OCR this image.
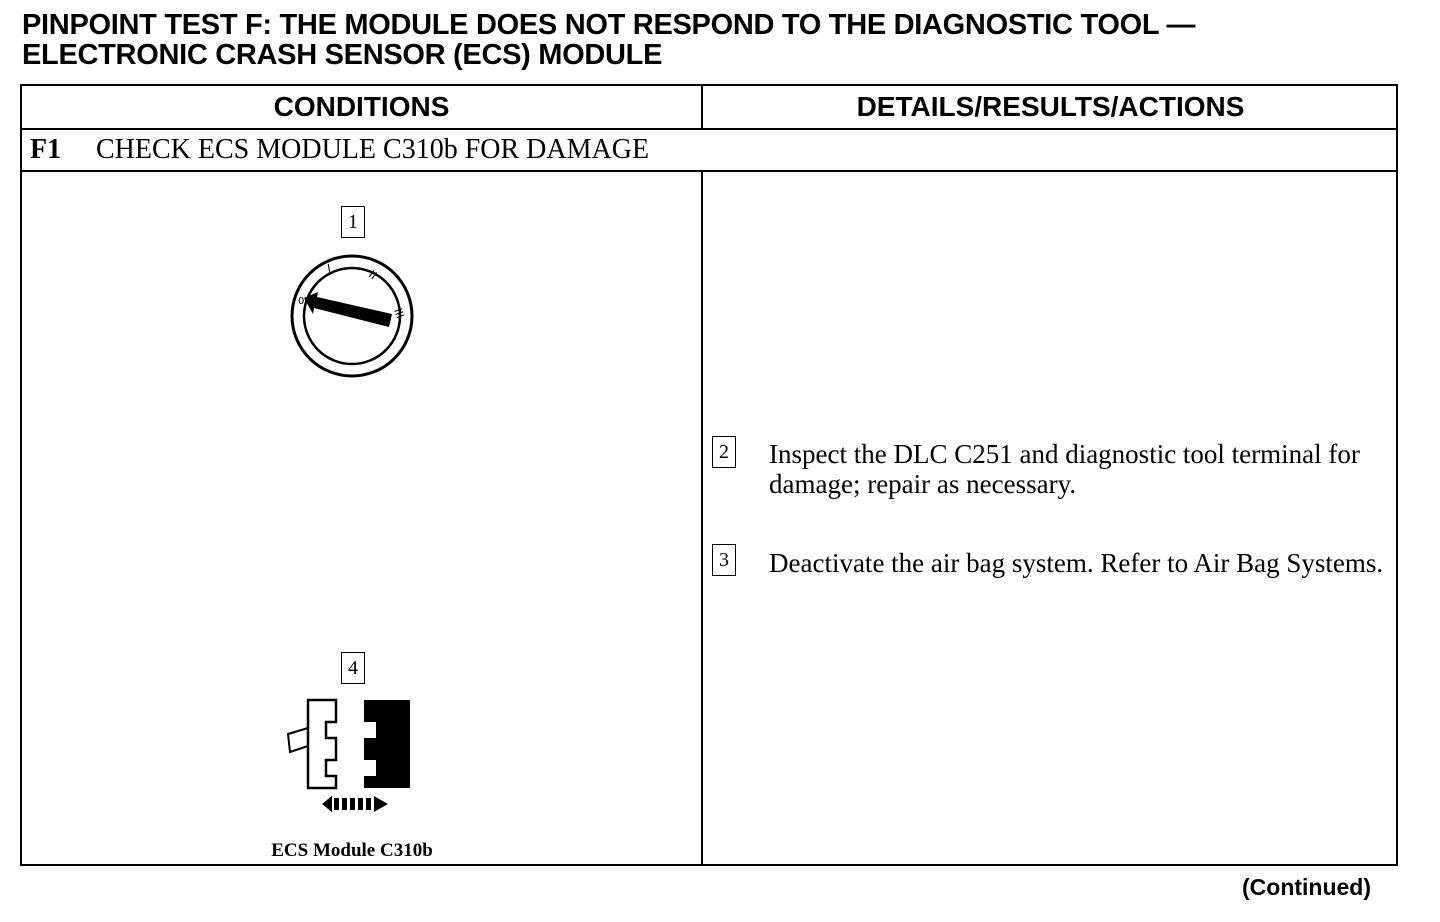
PINPOINT TEST F: THE MODULE DOES NOT RESPOND TO THE DIAGNOSTIC TOOL —
ELECTRONIC CRASH SENSOR (ECS) MODULE
CONDITIONS	DETAILS/RESULTS/ACTIONS
F1	CHECK ECS MODULE C310b FOR DAMAGE
1
0
I	II
III
4
ECS Module C310b
2 Inspect the DLC C251 and diagnostic tool terminal for damage; repair as necessary.
3 Deactivate the air bag system. Refer to Air Bag Systems.
(Continued)
